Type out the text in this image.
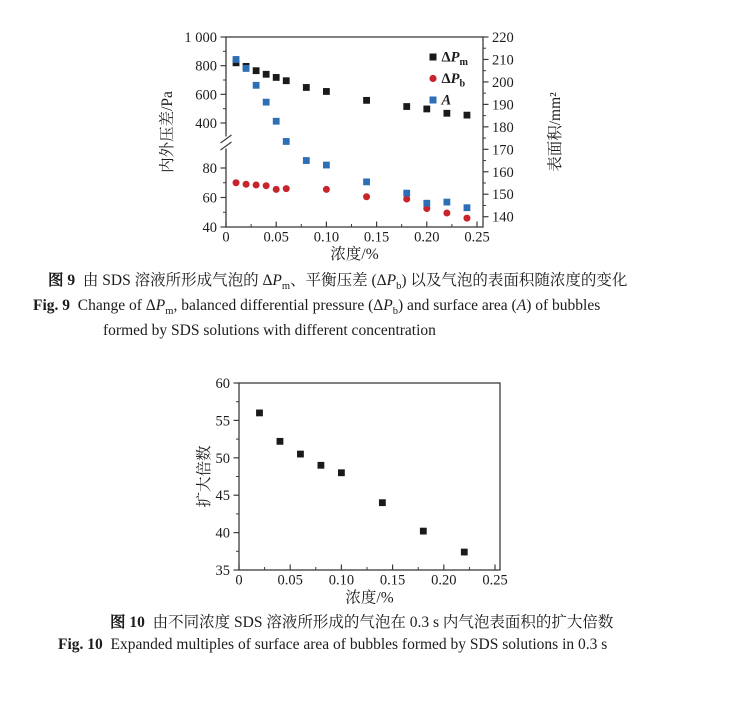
0 0.05 0.10 0.15 0.20 0.25
浓度/%
400
600
800
1 000
40
60
80
140
150
160
170
180
190
200
210
220
内外压差/Pa	表面积/mm²
$\Delta P_m$
$\Delta P_b$
A
0 0.05 0.10 0.15 0.20 0.25
浓度/%
35
40
45
50
55
60
扩大倍数
图 9  由 SDS 溶液所形成气泡的 $\Delta P_m$、平衡压差 $(\Delta P_b)$ 以及气泡的表面积随浓度的变化
Fig. 9  Change of $\Delta P_m$, balanced differential pressure $(\Delta P_b)$ and surface area (A) of bubbles
formed by SDS solutions with different concentration
图 10  由不同浓度 SDS 溶液所形成的气泡在 0.3 s 内气泡表面积的扩大倍数
Fig. 10  Expanded multiples of surface area of bubbles formed by SDS solutions in 0.3 s
